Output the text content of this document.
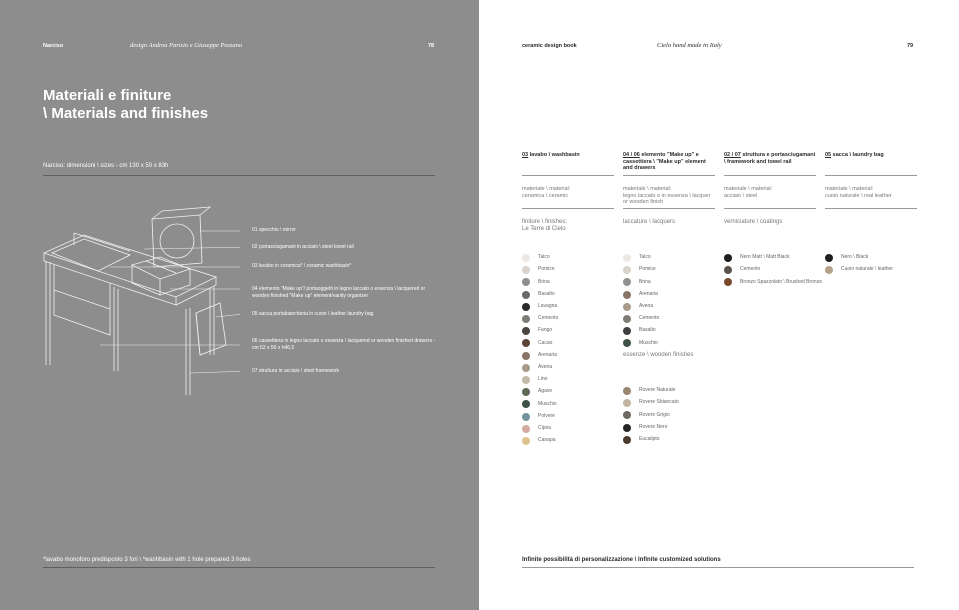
Narciso	design Andrea Parisio e Giuseppe Pezzano	78
Materiali e finiture
\ Materials and finishes
Narciso: dimensioni \ sizes - cm 130 x 50 x 83h
01 specchio \ mirror
02 portasciugamani in acciaio \ steel towel rail
03 lavabo in ceramica* \ ceramic washbasin*
04 elemento "Make up"/ portaoggetti in legno laccato o essenza \ lacquered or wooden finished "Make up" element/vanity organizer
05 sacca portabiancheria in cuoio \ leather laundry bag
06 cassettiera in legno laccato o essenza \ lacquered or wooden finished drawers - cm 52 x 50 x h46,5
07 struttura in acciaio \ steel framework
*lavabo monoforo predisposto 3 fori \ *washbasin with 1 hole prepared 3 holes
ceramic design book	Cielo hand made in Italy	79
03 lavabo \ washbasin
materiale \ material:
ceramica \ ceramic
finiture \ finishes:
Le Terre di Cielo
Talco
Pomice
Brina
Basalto
Lavagna
Cemento
Fango
Cacao
Arenaria
Avena
Lino
Agave
Muschio
Polvere
Cipria
Canapa
04 / 06 elemento "Make up" e cassettiera \ "Make up" element and drawers
materiale \ material:
legno laccato o in essenza \ lacquer or wooden finish
laccature \ lacquers
Talco
Pomice
Brina
Arenaria
Avena
Cemento
Basalto
Muschio
essenze \ wooden finishes
Rovere Naturale
Rovere Sbiancato
Rovere Grigio
Rovere Nero
Eucalipto
02 / 07 struttura e portasciugamani \ framework and towel rail
materiale \ material:
acciaio \ steel
verniciature \ coatings
Nero Matt \ Matt Black
Cemento
Bronzo Spazzolato \ Brushed Bronze
05 sacca \ laundry bag
materiale \ material:
cuoio naturale \ real leather
Nero \ Black
Cuoio naturale \ leather
Infinite possibilità di personalizzazione \ Infinite customized solutions
